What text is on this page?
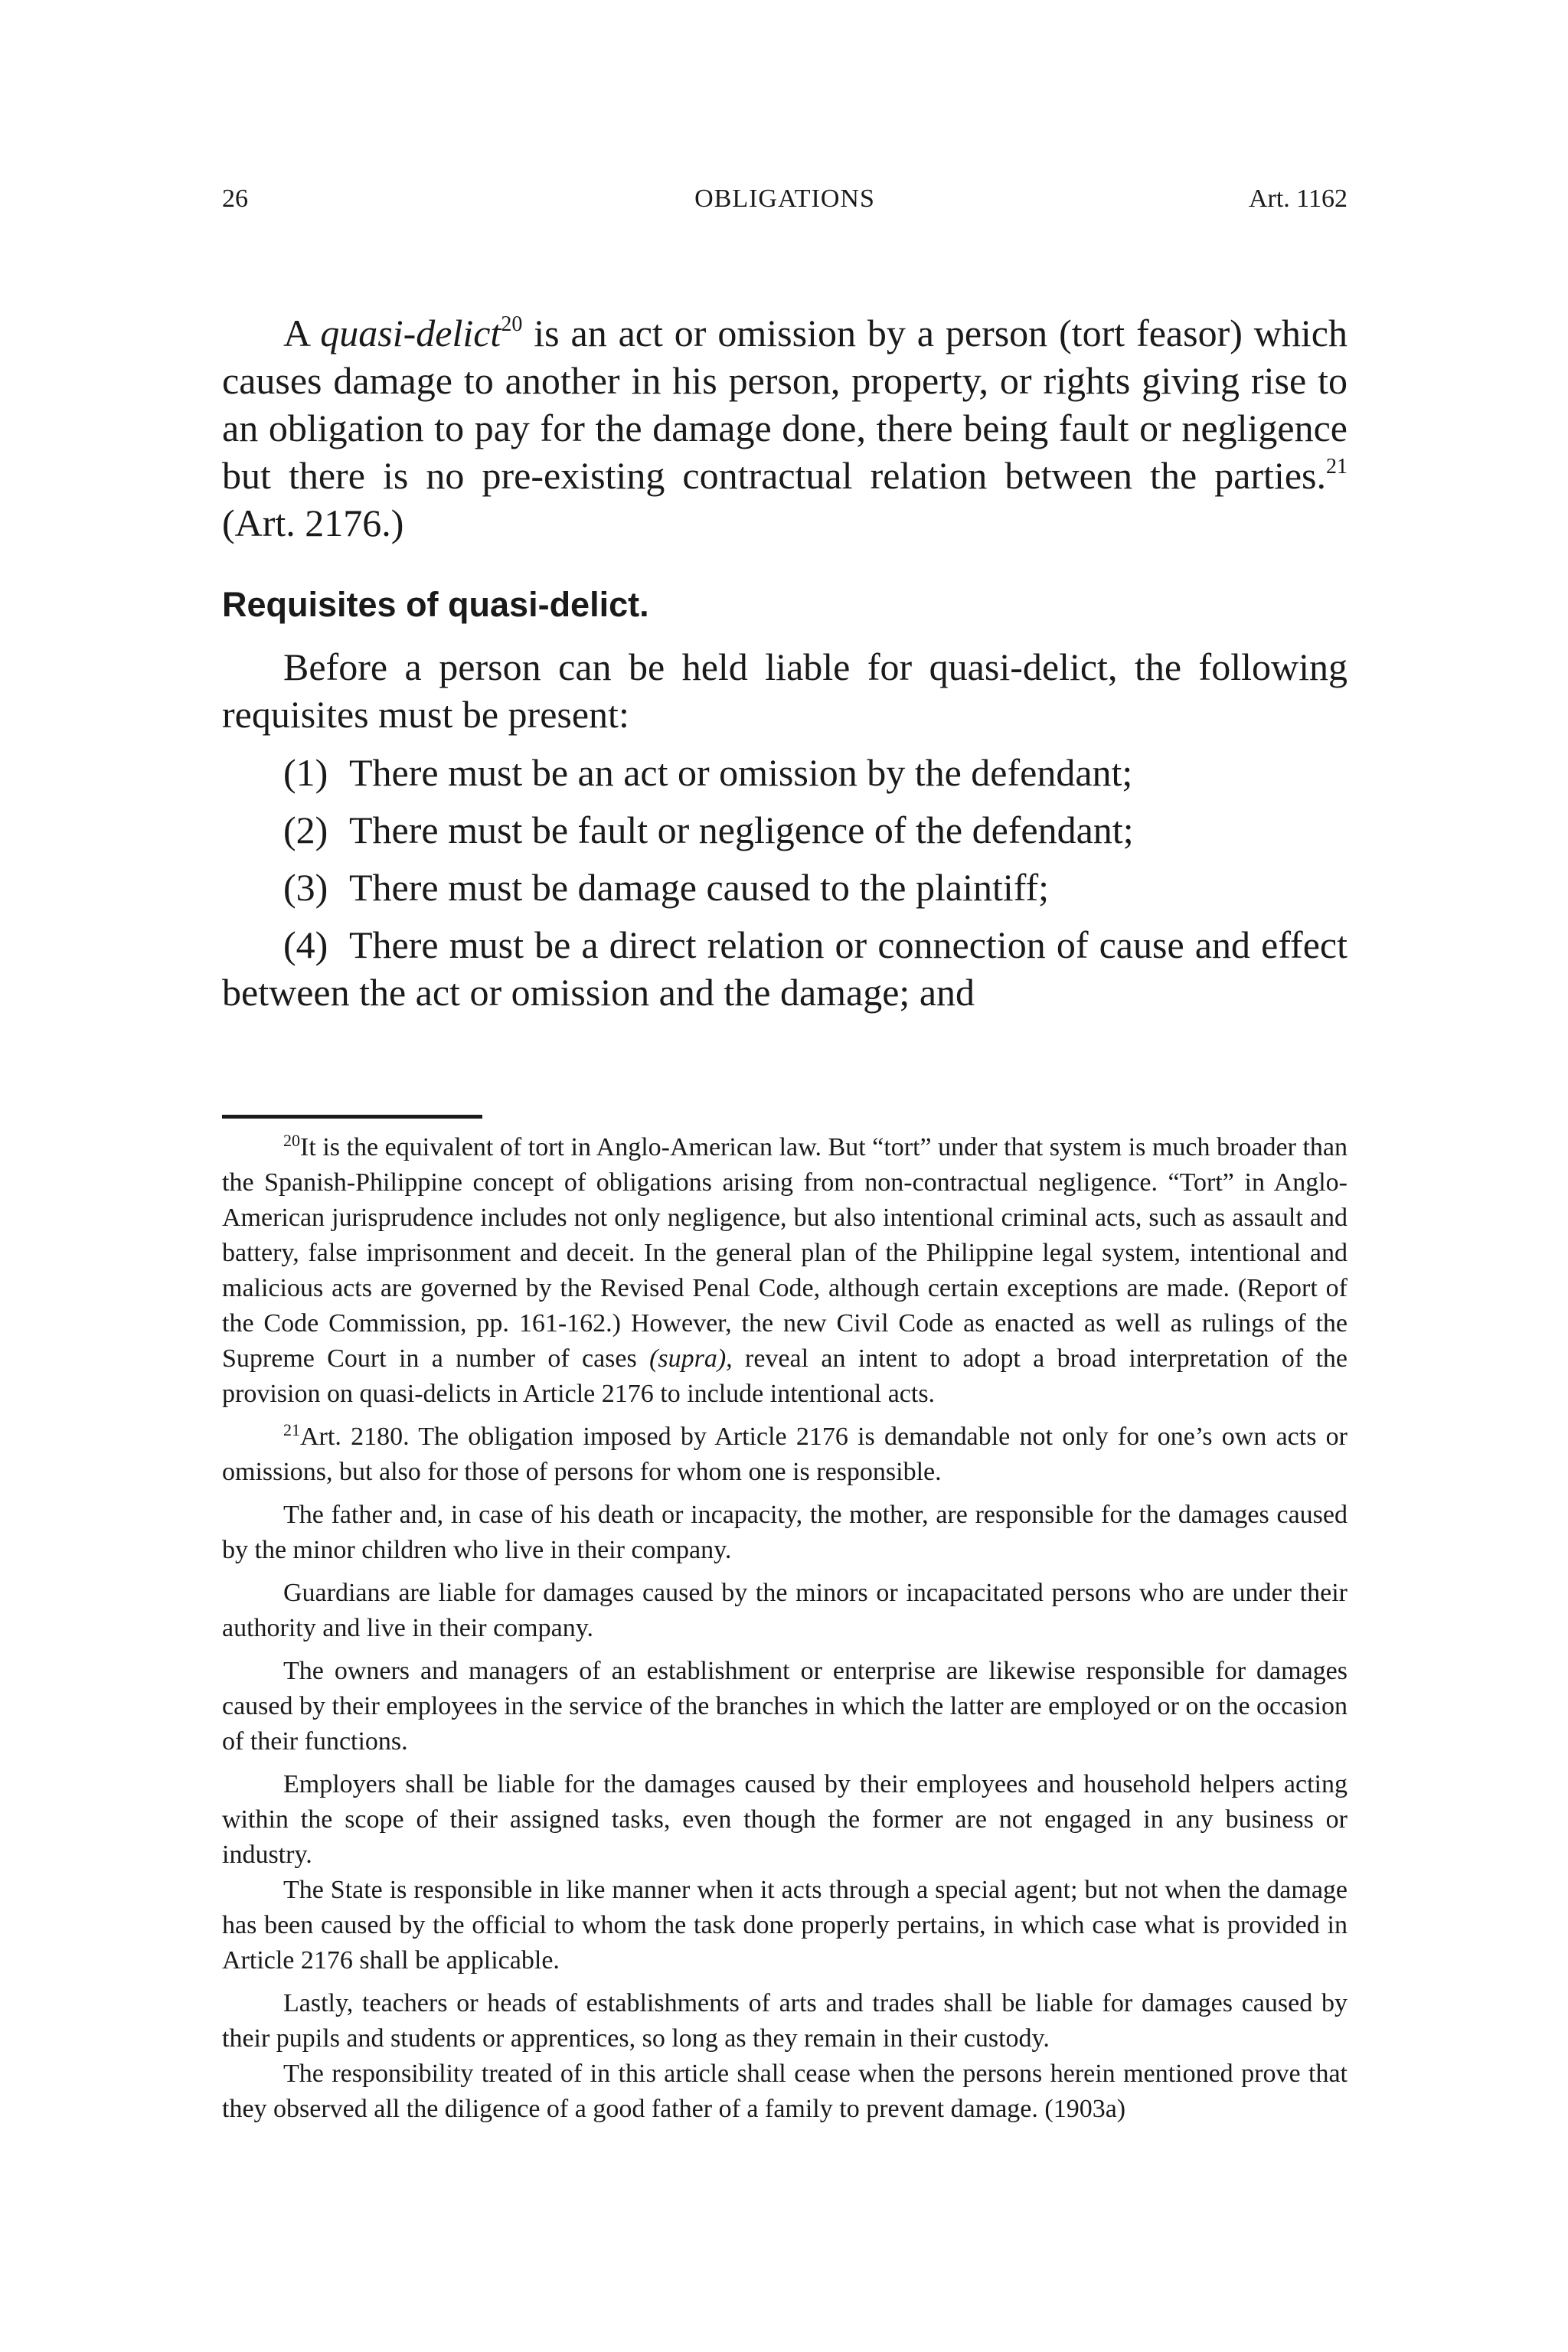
26	OBLIGATIONS	Art. 1162

A quasi-delict$^{20}$ is an act or omission by a person (tort feasor) which causes damage to another in his person, property, or rights giving rise to an obligation to pay for the damage done, there being fault or negligence but there is no pre-existing contractual relation between the parties.$^{21}$ (Art. 2176.)

Requisites of quasi-delict.

Before a person can be held liable for quasi-delict, the following requisites must be present:

(1) There must be an act or omission by the defendant;
(2) There must be fault or negligence of the defendant;
(3) There must be damage caused to the plaintiff;
(4) There must be a direct relation or connection of cause and effect between the act or omission and the damage; and

$^{20}$It is the equivalent of tort in Anglo-American law. But “tort” under that system is much broader than the Spanish-Philippine concept of obligations arising from non-contractual negligence. “Tort” in Anglo-American jurisprudence includes not only negligence, but also intentional criminal acts, such as assault and battery, false imprisonment and deceit. In the general plan of the Philippine legal system, intentional and malicious acts are governed by the Revised Penal Code, although certain exceptions are made. (Report of the Code Commission, pp. 161-162.) However, the new Civil Code as enacted as well as rulings of the Supreme Court in a number of cases (supra), reveal an intent to adopt a broad interpretation of the provision on quasi-delicts in Article 2176 to include intentional acts.

$^{21}$Art. 2180. The obligation imposed by Article 2176 is demandable not only for one’s own acts or omissions, but also for those of persons for whom one is responsible.

The father and, in case of his death or incapacity, the mother, are responsible for the damages caused by the minor children who live in their company.

Guardians are liable for damages caused by the minors or incapacitated persons who are under their authority and live in their company.

The owners and managers of an establishment or enterprise are likewise responsible for damages caused by their employees in the service of the branches in which the latter are employed or on the occasion of their functions.

Employers shall be liable for the damages caused by their employees and household helpers acting within the scope of their assigned tasks, even though the former are not engaged in any business or industry.

The State is responsible in like manner when it acts through a special agent; but not when the damage has been caused by the official to whom the task done properly pertains, in which case what is provided in Article 2176 shall be applicable.

Lastly, teachers or heads of establishments of arts and trades shall be liable for damages caused by their pupils and students or apprentices, so long as they remain in their custody.

The responsibility treated of in this article shall cease when the persons herein mentioned prove that they observed all the diligence of a good father of a family to prevent damage. (1903a)
